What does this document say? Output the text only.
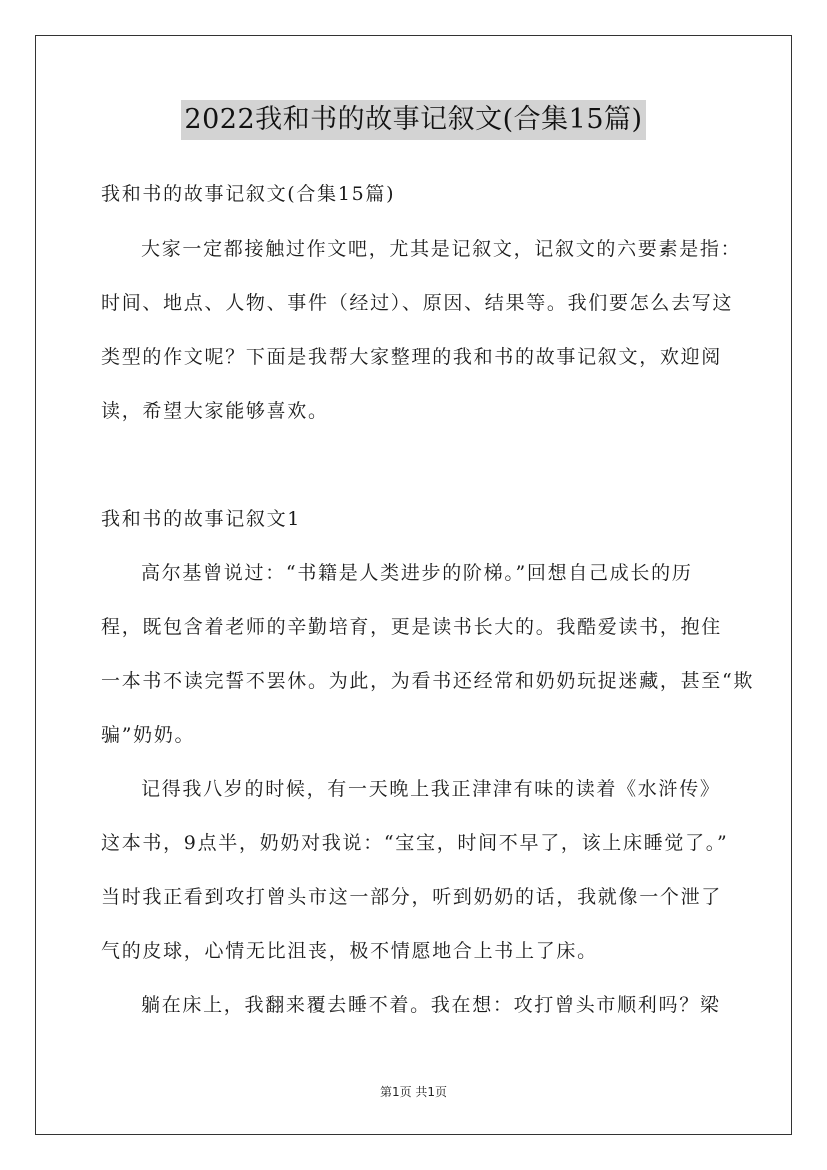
2022我和书的故事记叙文(合集15篇)
我和书的故事记叙文(合集15篇)
大家一定都接触过作文吧，尤其是记叙文，记叙文的六要素是指：
时间、地点、人物、事件（经过）、原因、结果等。我们要怎么去写这
类型的作文呢？下面是我帮大家整理的我和书的故事记叙文，欢迎阅
读，希望大家能够喜欢。
我和书的故事记叙文1
高尔基曾说过：“书籍是人类进步的阶梯。”回想自己成长的历
程，既包含着老师的辛勤培育，更是读书长大的。我酷爱读书，抱住
一本书不读完誓不罢休。为此，为看书还经常和奶奶玩捉迷藏，甚至“欺
骗”奶奶。
记得我八岁的时候，有一天晚上我正津津有味的读着《水浒传》
这本书，9点半，奶奶对我说：“宝宝，时间不早了，该上床睡觉了。”
当时我正看到攻打曾头市这一部分，听到奶奶的话，我就像一个泄了
气的皮球，心情无比沮丧，极不情愿地合上书上了床。
躺在床上，我翻来覆去睡不着。我在想：攻打曾头市顺利吗？梁
第1页 共1页
